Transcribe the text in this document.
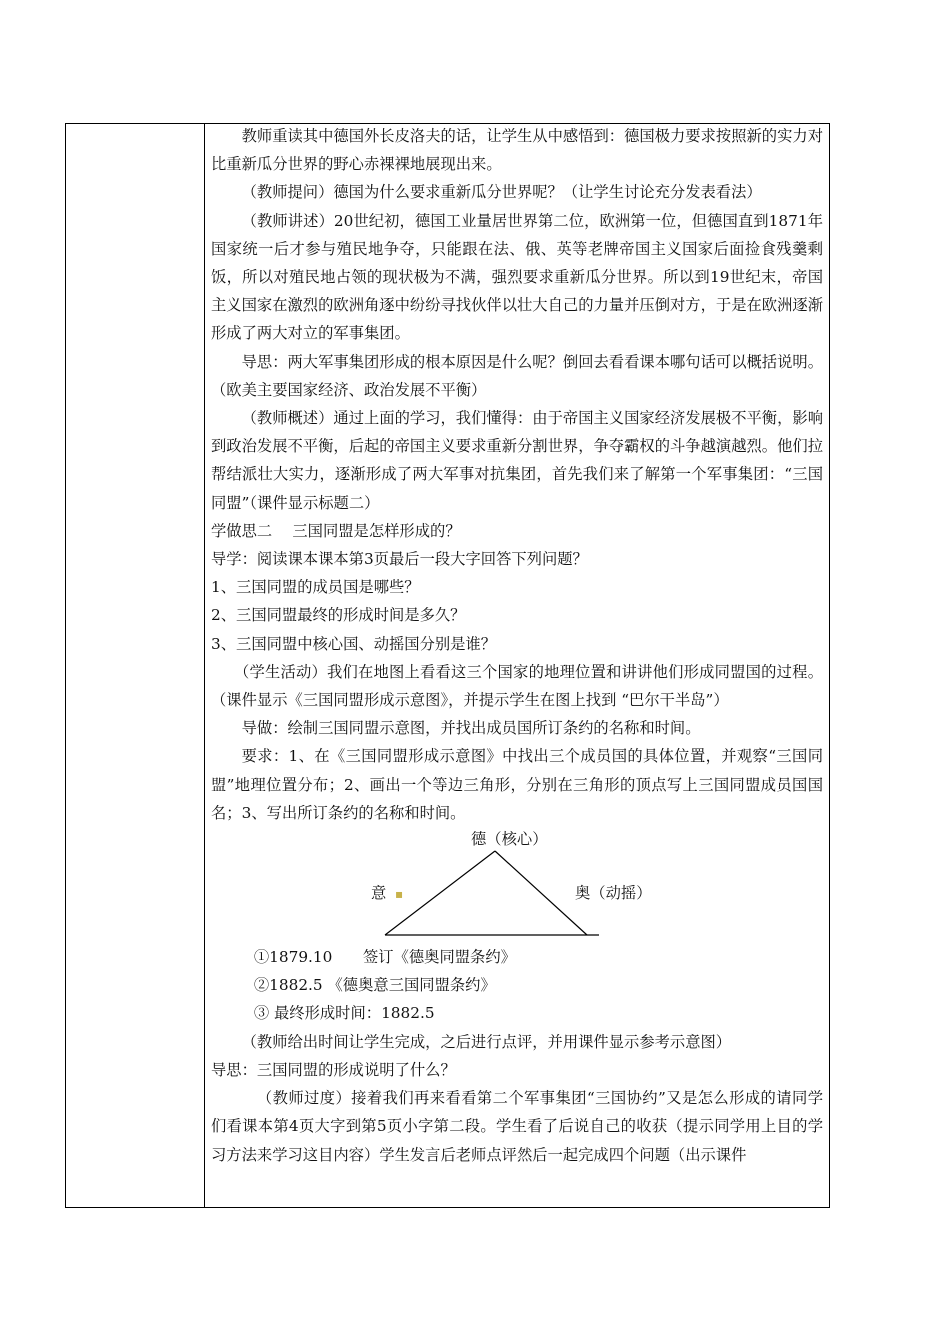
教师重读其中德国外长皮洛夫的话，让学生从中感悟到：德国极力要求按照新的实力对比重新瓜分世界的野心赤裸裸地展现出来。

（教师提问）德国为什么要求重新瓜分世界呢？（让学生讨论充分发表看法）

（教师讲述）20世纪初，德国工业量居世界第二位，欧洲第一位，但德国直到1871年国家统一后才参与殖民地争夺，只能跟在法、俄、英等老牌帝国主义国家后面捡食残羹剩饭，所以对殖民地占领的现状极为不满，强烈要求重新瓜分世界。所以到19世纪末，帝国主义国家在激烈的欧洲角逐中纷纷寻找伙伴以壮大自己的力量并压倒对方，于是在欧洲逐渐形成了两大对立的军事集团。

导思：两大军事集团形成的根本原因是什么呢？倒回去看看课本哪句话可以概括说明。（欧美主要国家经济、政治发展不平衡）

（教师概述）通过上面的学习，我们懂得：由于帝国主义国家经济发展极不平衡，影响到政治发展不平衡，后起的帝国主义要求重新分割世界，争夺霸权的斗争越演越烈。他们拉帮结派壮大实力，逐渐形成了两大军事对抗集团，首先我们来了解第一个军事集团：“三国同盟”（课件显示标题二）

学做思二　 三国同盟是怎样形成的？

导学：阅读课本课本第3页最后一段大字回答下列问题？

1、三国同盟的成员国是哪些？

2、三国同盟最终的形成时间是多久？

3、三国同盟中核心国、动摇国分别是谁？

（学生活动）我们在地图上看看这三个国家的地理位置和讲讲他们形成同盟国的过程。（课件显示《三国同盟形成示意图》，并提示学生在图上找到 “巴尔干半岛”）

导做：绘制三国同盟示意图，并找出成员国所订条约的名称和时间。

要求：1、在《三国同盟形成示意图》中找出三个成员国的具体位置，并观察“三国同盟”地理位置分布；2、画出一个等边三角形，分别在三角形的顶点写上三国同盟成员国国名；3、写出所订条约的名称和时间。

德（核心）
意 ▪	奥（动摇）

①1879.10　　签订《德奥同盟条约》

②1882.5 《德奥意三国同盟条约》

③ 最终形成时间：1882.5

（教师给出时间让学生完成，之后进行点评，并用课件显示参考示意图）

导思：三国同盟的形成说明了什么？

（教师过度）接着我们再来看看第二个军事集团“三国协约”又是怎么形成的请同学们看课本第4页大字到第5页小字第二段。学生看了后说自己的收获（提示同学用上目的学习方法来学习这目内容）学生发言后老师点评然后一起完成四个问题（出示课件
